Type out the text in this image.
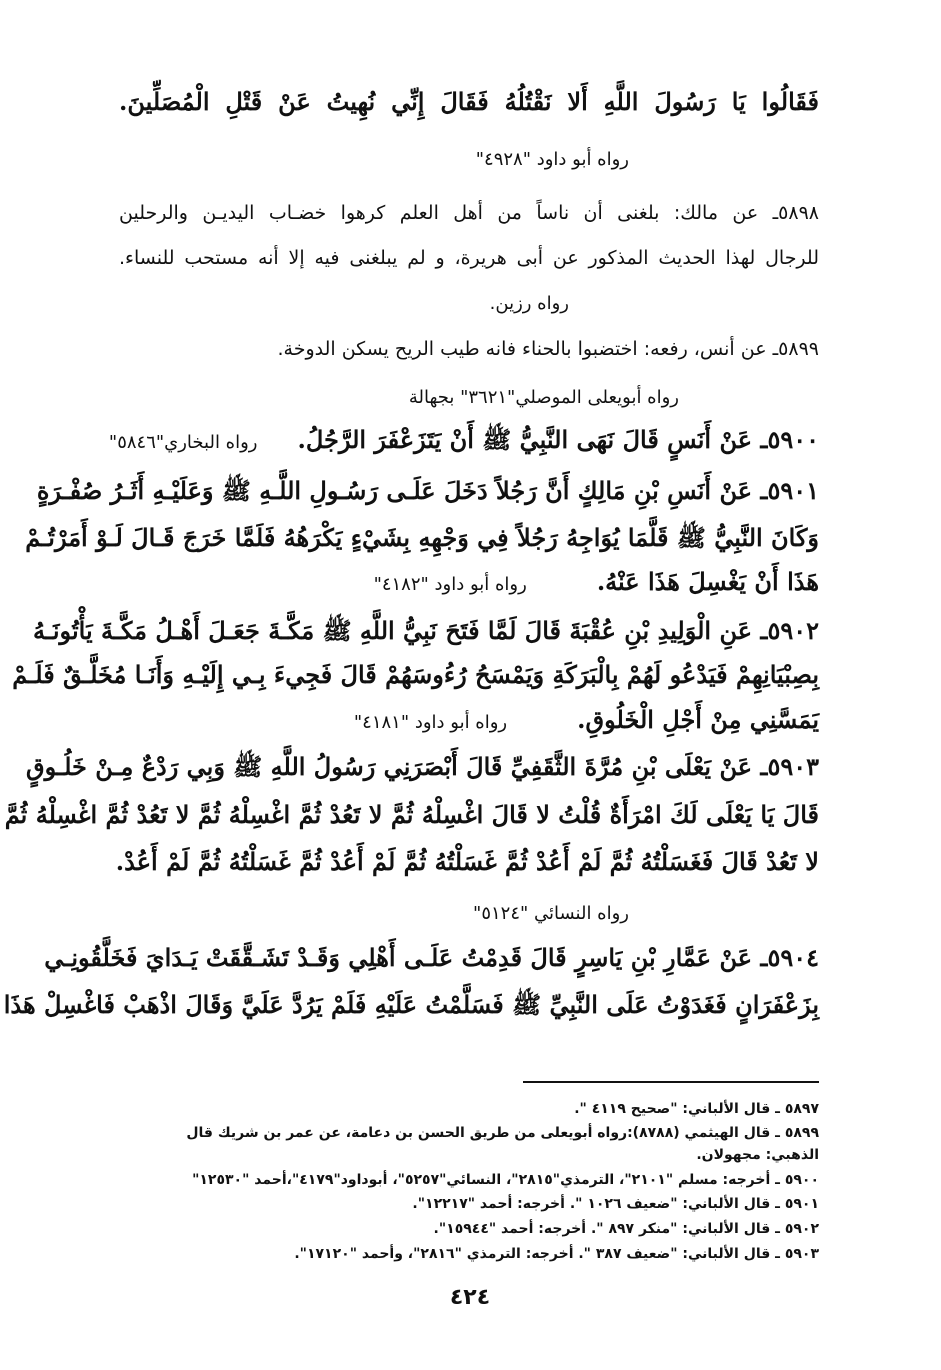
فَقَالُوا يَا رَسُولَ اللَّهِ أَلا نَقْتُلُهُ فَقَالَ إِنِّي نُهِيتُ عَنْ قَتْلِ الْمُصَلِّينَ.
رواه أبو داود "٤٩٢٨"
٥٨٩٨ـ عن مالك: بلغنى أن ناساً من أهل العلم كرهوا خضـاب اليديـن والرحلين
للرجال لهذا الحديث المذكور عن أبى هريرة، و لم يبلغنى فيه إلا أنه مستحب للنساء.
رواه رزين.
٥٨٩٩ـ عن أنس، رفعه: اختضبوا بالحناء فانه طيب الريح يسكن الدوخة.
رواه أبويعلى الموصلي"٣٦٢١" بجهالة
٥٩٠٠ـ عَنْ أَنَسٍ قَالَ نَهَى النَّبِيُّ ﷺ أَنْ يَتَزَعْفَرَ الرَّجُلُ.رواه البخاري"٥٨٤٦"
٥٩٠١ـ عَنْ أَنَسِ بْنِ مَالِكٍ أَنَّ رَجُلاً دَخَلَ عَلَـى رَسُـولِ اللَّـهِ ﷺ وَعَلَيْـهِ أَثَـرُ صُفْـرَةٍ
وَكَانَ النَّبِيُّ ﷺ قَلَّمَا يُوَاجِهُ رَجُلاً فِي وَجْهِهِ بِشَيْءٍ يَكْرَهُهُ فَلَمَّا خَرَجَ قَـالَ لَـوْ أَمَرْتُـمْ
هَذَا أَنْ يَغْسِلَ هَذَا عَنْهُ.رواه أبو داود "٤١٨٢"
٥٩٠٢ـ عَنِ الْوَلِيدِ بْنِ عُقْبَةَ قَالَ لَمَّا فَتَحَ نَبِيُّ اللَّهِ ﷺ مَكَّـةَ جَعَـلَ أَهْـلُ مَكَّـةَ يَأْتُونَـهُ
بِصِبْيَانِهِمْ فَيَدْعُو لَهُمْ بِالْبَرَكَةِ وَيَمْسَحُ رُءُوسَهُمْ قَالَ فَجِيءَ بِـي إِلَيْـهِ وَأَنَـا مُخَلَّـقٌ فَلَـمْ
يَمَسَّنِي مِنْ أَجْلِ الْخَلُوقِ.رواه أبو داود "٤١٨١"
٥٩٠٣ـ عَنْ يَعْلَى بْنِ مُرَّةَ الثَّقَفِيِّ قَالَ أَبْصَرَنِي رَسُولُ اللَّهِ ﷺ وَبِي رَدْعٌ مِـنْ خَلُـوقٍ
قَالَ يَا يَعْلَى لَكَ امْرَأَةٌ قُلْتُ لا قَالَ اغْسِلْهُ ثُمَّ لا تَعُدْ ثُمَّ اغْسِلْهُ ثُمَّ لا تَعُدْ ثُمَّ اغْسِلْهُ ثُمَّ
لا تَعُدْ قَالَ فَغَسَلْتُهُ ثُمَّ لَمْ أَعُدْ ثُمَّ غَسَلْتُهُ ثُمَّ لَمْ أَعُدْ ثُمَّ غَسَلْتُهُ ثُمَّ لَمْ أَعُدْ.
رواه النسائي "٥١٢٤"
٥٩٠٤ـ عَنْ عَمَّارِ بْنِ يَاسِرٍ قَالَ قَدِمْتُ عَلَـى أَهْلِي وَقَـدْ تَشَـقَّقَتْ يَـدَايَ فَخَلَّقُونِـي
بِزَعْفَرَانٍ فَغَدَوْتُ عَلَى النَّبِيِّ ﷺ فَسَلَّمْتُ عَلَيْهِ فَلَمْ يَرُدَّ عَلَيَّ وَقَالَ اذْهَبْ فَاغْسِلْ هَذَا
٥٨٩٧ ـ قال الألباني: "صحيح ٤١١٩ ".
٥٨٩٩ ـ قال الهيثمي (٨٧٨٨):رواه أبويعلى من طريق الحسن بن دعامة، عن عمر بن شريك قال
الذهبي: مجهولان.
٥٩٠٠ ـ أخرجه: مسلم "٢١٠١"، الترمذي"٢٨١٥"، النسائي"٥٢٥٧"، أبوداود"٤١٧٩"،أحمد "١٢٥٣٠"
٥٩٠١ ـ قال الألباني: "ضعيف ١٠٢٦ ". أخرجه: أحمد "١٢٢١٧".
٥٩٠٢ ـ قال الألباني: "منكر ٨٩٧ ". أخرجه: أحمد "١٥٩٤٤".
٥٩٠٣ ـ قال الألباني: "ضعيف ٣٨٧ ". أخرجه: الترمذي "٢٨١٦"، وأحمد "١٧١٢٠".
٤٢٤
